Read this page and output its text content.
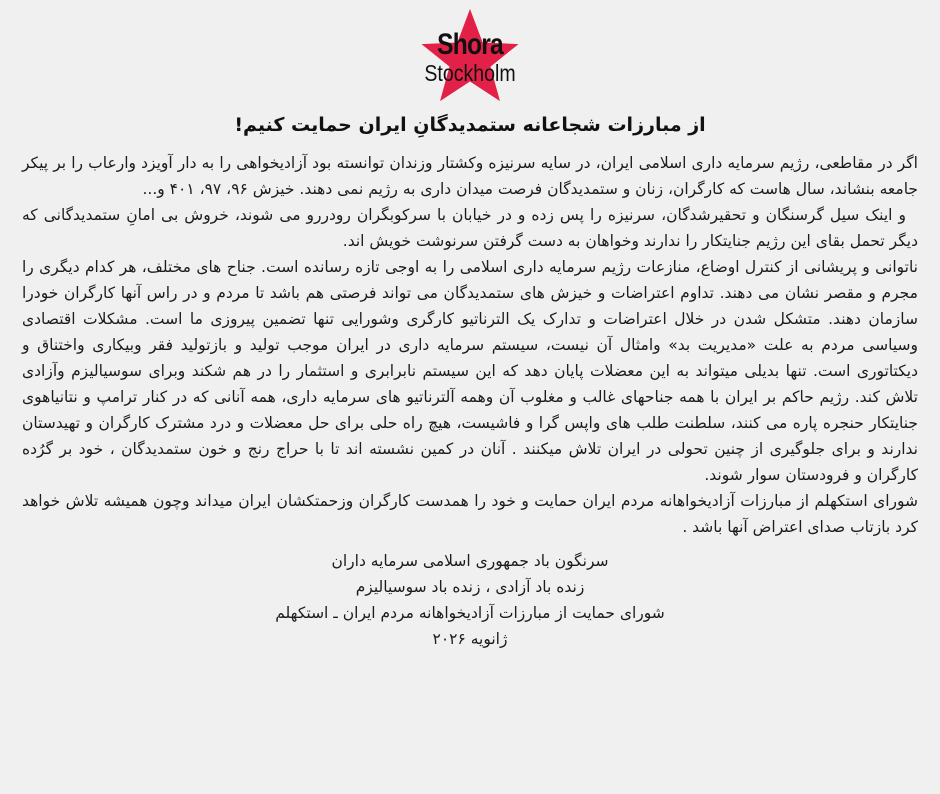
Shora
Stockholm
از مبارزات شجاعانه ستمدیدگانِ ایران حمایت کنیم!

اگر در مقاطعی، رژیم سرمایه داری اسلامی ایران، در سایه سرنیزه وکشتار وزندان توانسته بود آزادیخواهی را به دار آویزد وارعاب را بر پیکر جامعه بنشاند، سال هاست که کارگران، زنان و ستمدیدگان فرصت میدان داری به رژیم نمی دهند. خیزش ۹۶، ۹۷، ۴۰۱ و...

و اینک سیل گرسنگان و تحقیرشدگان، سرنیزه را پس زده و در خیابان با سرکوبگران رودررو می شوند، خروش بی امانِ ستمدیدگانی که دیگر تحمل بقای این رژیم جنایتکار را ندارند وخواهان به دست گرفتن سرنوشت خویش اند.

ناتوانی و پریشانی از کنترل اوضاع، منازعات رژیم سرمایه داری اسلامی را به اوجی تازه رسانده است. جناح های مختلف، هر کدام دیگری را مجرم و مقصر نشان می دهند. تداوم اعتراضات و خیزش های ستمدیدگان می تواند فرصتی هم باشد تا مردم و در راس آنها کارگران خودرا سازمان دهند. متشکل شدن در خلال اعتراضات و تدارک یک الترناتیو کارگری وشورایی تنها تضمین پیروزی ما است. مشکلات اقتصادی وسیاسی مردم به علت «مدیریت بد» وامثال آن نیست، سیستم سرمایه داری در ایران موجب تولید و بازتولید فقر وبیکاری واختناق و دیکتاتوری است. تنها بدیلی میتواند به این معضلات پایان دهد که این سیستم نابرابری و استثمار را در هم شکند وبرای سوسیالیزم وآزادی تلاش کند. رژیم حاکم بر ایران با همه جناحهای غالب و مغلوب آن وهمه آلترناتیو های سرمایه داری، همه آنانی که در کنار ترامپ و نتانیاهوی جنایتکار حنجره پاره می کنند، سلطنت طلب های واپس گرا و فاشیست، هیچ راه حلی برای حل معضلات و درد مشترک کارگران و تهیدستان ندارند و برای جلوگیری از چنین تحولی در ایران تلاش میکنند . آنان در کمین نشسته اند تا با حراج رنج و خون ستمدیدگان ، خود بر گرُده کارگران و فرودستان سوار شوند.

شورای استکهلم از مبارزات آزادیخواهانه مردم ایران حمایت و خود را همدست کارگران وزحمتکشان ایران میداند وچون همیشه تلاش خواهد کرد بازتاب صدای اعتراض آنها باشد .

سرنگون باد جمهوری اسلامی سرمایه داران
زنده باد آزادی ، زنده باد سوسیالیزم
شورای حمایت از مبارزات آزادیخواهانه مردم ایران ـ استکهلم
ژانویه ۲۰۲۶
